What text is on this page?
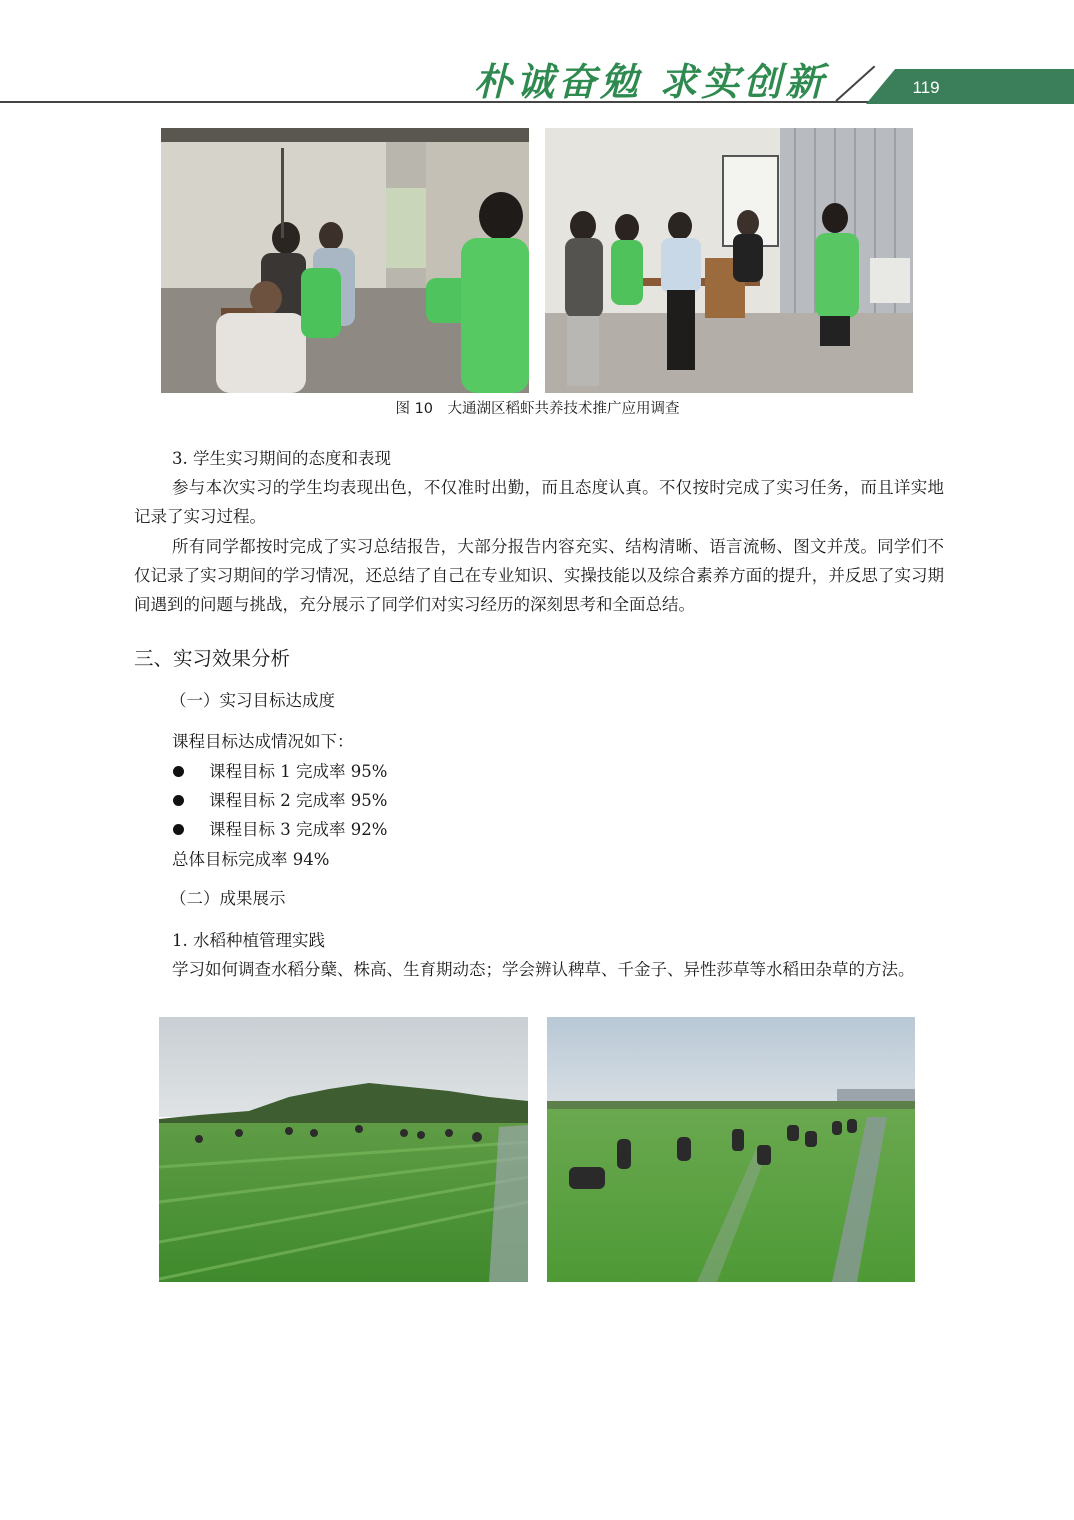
朴诚奋勉 求实创新	119
图 10　大通湖区稻虾共养技术推广应用调查
3. 学生实习期间的态度和表现
参与本次实习的学生均表现出色，不仅准时出勤，而且态度认真。不仅按时完成了实习任务，而且详实地记录了实习过程。
所有同学都按时完成了实习总结报告，大部分报告内容充实、结构清晰、语言流畅、图文并茂。同学们不仅记录了实习期间的学习情况，还总结了自己在专业知识、实操技能以及综合素养方面的提升，并反思了实习期间遇到的问题与挑战，充分展示了同学们对实习经历的深刻思考和全面总结。
三、实习效果分析
（一）实习目标达成度
课程目标达成情况如下：
课程目标 1 完成率 95%
课程目标 2 完成率 95%
课程目标 3 完成率 92%
总体目标完成率 94%
（二）成果展示
1. 水稻种植管理实践
学习如何调查水稻分蘖、株高、生育期动态；学会辨认稗草、千金子、异性莎草等水稻田杂草的方法。
